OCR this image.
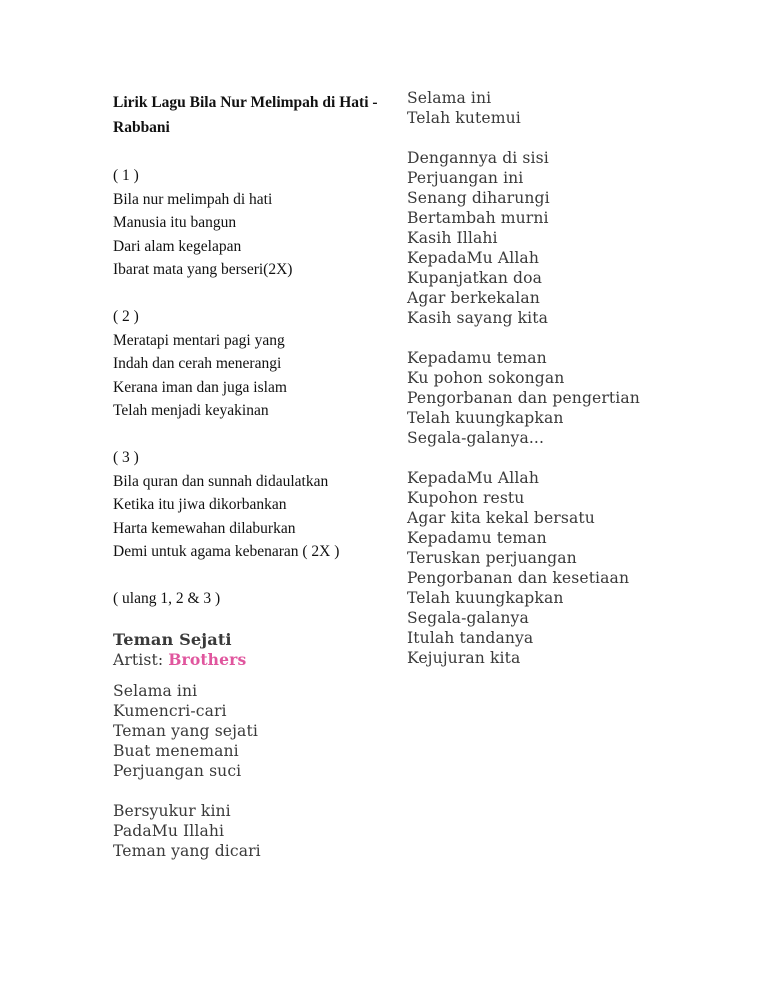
Lirik Lagu Bila Nur Melimpah di Hati - Rabbani
( 1 )
Bila nur melimpah di hati
Manusia itu bangun
Dari alam kegelapan
Ibarat mata yang berseri(2X)
( 2 )
Meratapi mentari pagi yang
Indah dan cerah menerangi
Kerana iman dan juga islam
Telah menjadi keyakinan
( 3 )
Bila quran dan sunnah didaulatkan
Ketika itu jiwa dikorbankan
Harta kemewahan dilaburkan
Demi untuk agama kebenaran ( 2X )
( ulang 1, 2 & 3 )
Teman Sejati
Artist: Brothers
Selama ini
Kumencri-cari
Teman yang sejati
Buat menemani
Perjuangan suci
Bersyukur kini
PadaMu Illahi
Teman yang dicari
Selama ini
Telah kutemui
Dengannya di sisi
Perjuangan ini
Senang diharungi
Bertambah murni
Kasih Illahi
KepadaMu Allah
Kupanjatkan doa
Agar berkekalan
Kasih sayang kita
Kepadamu teman
Ku pohon sokongan
Pengorbanan dan pengertian
Telah kuungkapkan
Segala-galanya...
KepadaMu Allah
Kupohon restu
Agar kita kekal bersatu
Kepadamu teman
Teruskan perjuangan
Pengorbanan dan kesetiaan
Telah kuungkapkan
Segala-galanya
Itulah tandanya
Kejujuran kita
